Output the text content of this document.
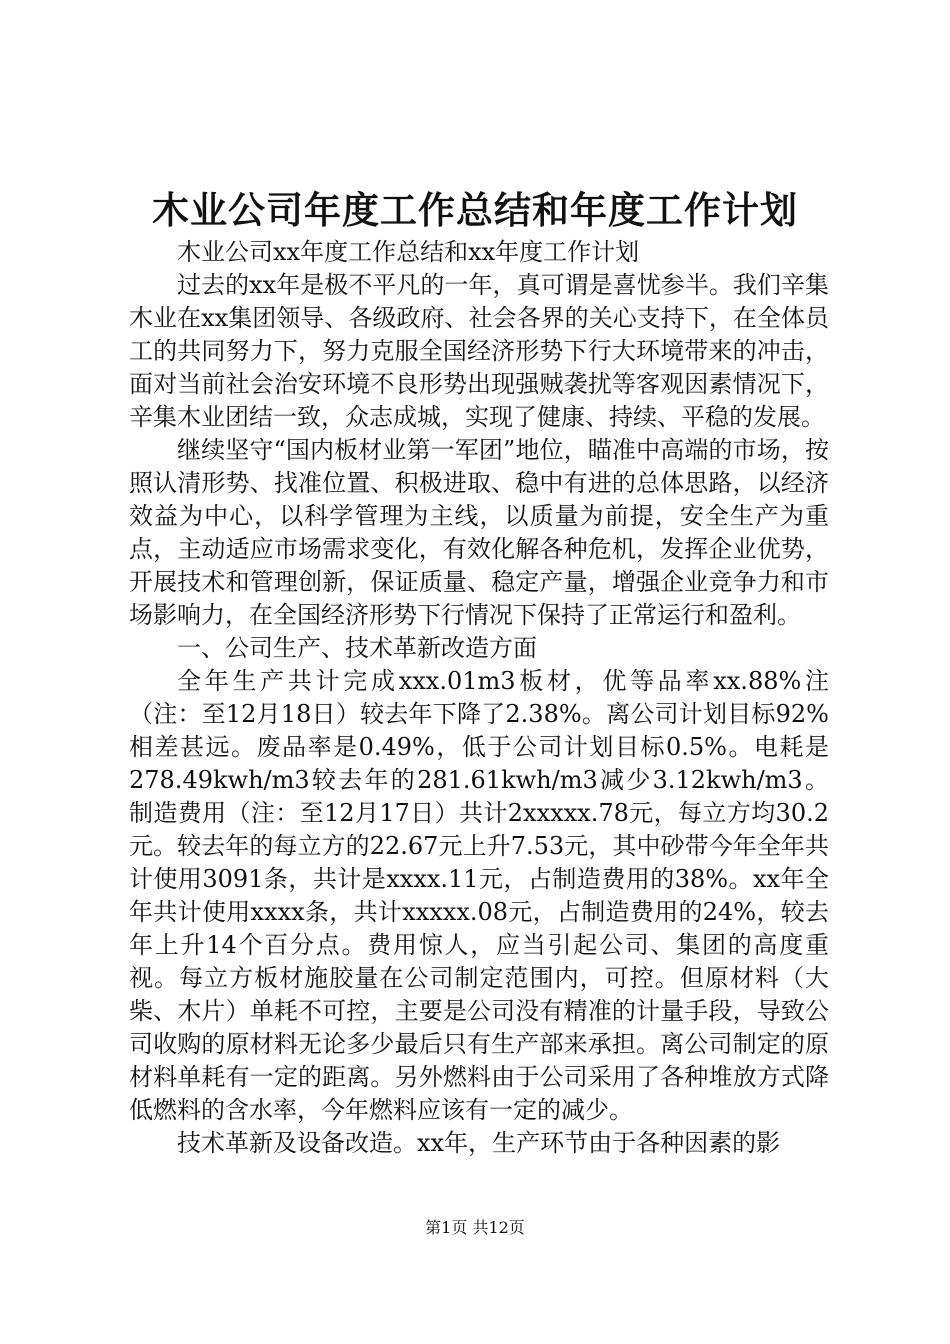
木业公司年度工作总结和年度工作计划

木业公司xx年度工作总结和xx年度工作计划

过去的xx年是极不平凡的一年，真可谓是喜忧参半。我们辛集木业在xx集团领导、各级政府、社会各界的关心支持下，在全体员工的共同努力下，努力克服全国经济形势下行大环境带来的冲击，面对当前社会治安环境不良形势出现强贼袭扰等客观因素情况下，辛集木业团结一致，众志成城，实现了健康、持续、平稳的发展。

继续坚守“国内板材业第一军团”地位，瞄准中高端的市场，按照认清形势、找准位置、积极进取、稳中有进的总体思路，以经济效益为中心，以科学管理为主线，以质量为前提，安全生产为重点，主动适应市场需求变化，有效化解各种危机，发挥企业优势，开展技术和管理创新，保证质量、稳定产量，增强企业竞争力和市场影响力，在全国经济形势下行情况下保持了正常运行和盈利。

一、公司生产、技术革新改造方面

全年生产共计完成xxx.01m3板材，优等品率xx.88%注（注：至12月18日）较去年下降了2.38%。离公司计划目标92%相差甚远。废品率是0.49%，低于公司计划目标0.5%。电耗是278.49kwh/m3较去年的281.61kwh/m3减少3.12kwh/m3。制造费用（注：至12月17日）共计2xxxxx.78元，每立方均30.2元。较去年的每立方的22.67元上升7.53元，其中砂带今年全年共计使用3091条，共计是xxxx.11元，占制造费用的38%。xx年全年共计使用xxxx条，共计xxxxx.08元，占制造费用的24%，较去年上升14个百分点。费用惊人，应当引起公司、集团的高度重视。每立方板材施胶量在公司制定范围内，可控。但原材料（大柴、木片）单耗不可控，主要是公司没有精准的计量手段，导致公司收购的原材料无论多少最后只有生产部来承担。离公司制定的原材料单耗有一定的距离。另外燃料由于公司采用了各种堆放方式降低燃料的含水率，今年燃料应该有一定的减少。

技术革新及设备改造。xx年，生产环节由于各种因素的影

第1页 共12页
